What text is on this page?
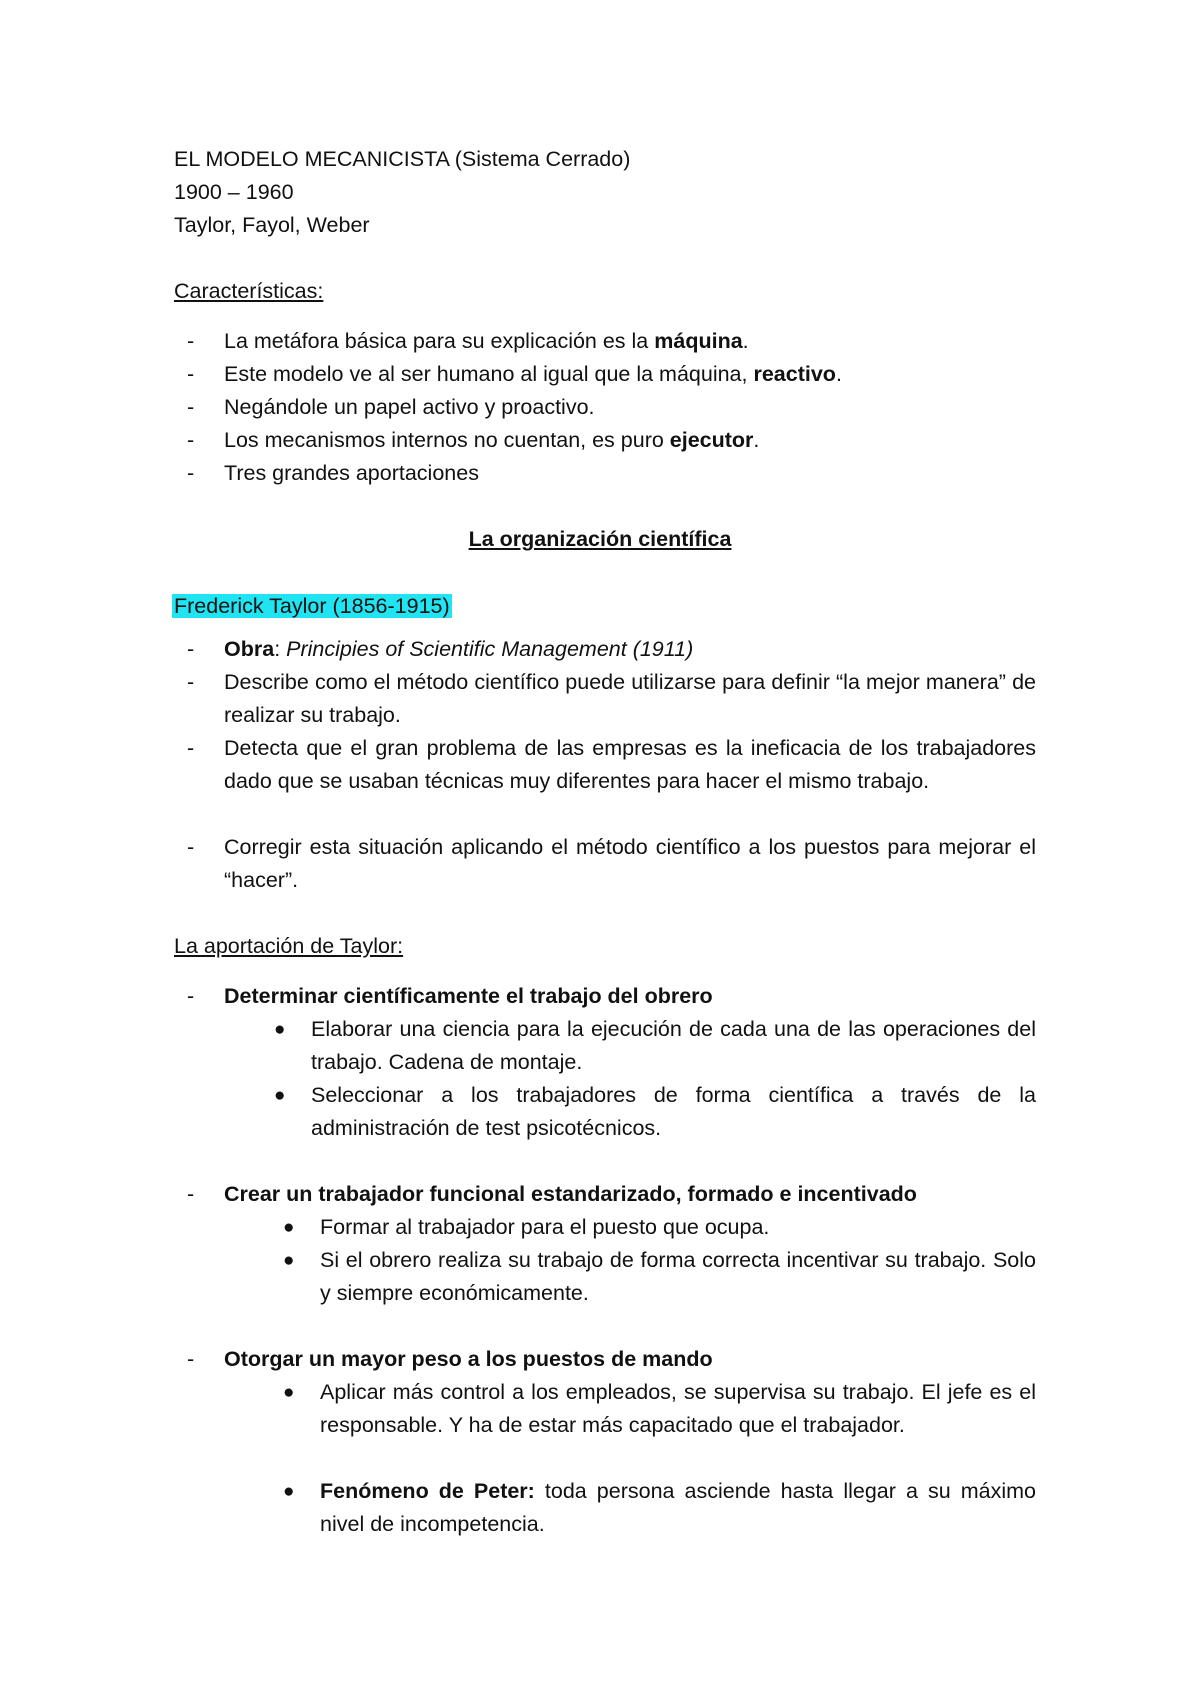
EL MODELO MECANICISTA (Sistema Cerrado)
1900 – 1960
Taylor, Fayol, Weber
Características:
- La metáfora básica para su explicación es la máquina.
- Este modelo ve al ser humano al igual que la máquina, reactivo.
- Negándole un papel activo y proactivo.
- Los mecanismos internos no cuentan, es puro ejecutor.
- Tres grandes aportaciones
La organización científica
Frederick Taylor (1856-1915)
- Obra: Principies of Scientific Management (1911)
- Describe como el método científico puede utilizarse para definir “la mejor manera” de realizar su trabajo.
- Detecta que el gran problema de las empresas es la ineficacia de los trabajadores dado que se usaban técnicas muy diferentes para hacer el mismo trabajo.
- Corregir esta situación aplicando el método científico a los puestos para mejorar el “hacer”.
La aportación de Taylor:
- Determinar científicamente el trabajo del obrero
● Elaborar una ciencia para la ejecución de cada una de las operaciones del trabajo. Cadena de montaje.
● Seleccionar a los trabajadores de forma científica a través de la administración de test psicotécnicos.
- Crear un trabajador funcional estandarizado, formado e incentivado
● Formar al trabajador para el puesto que ocupa.
● Si el obrero realiza su trabajo de forma correcta incentivar su trabajo. Solo y siempre económicamente.
- Otorgar un mayor peso a los puestos de mando
● Aplicar más control a los empleados, se supervisa su trabajo. El jefe es el responsable. Y ha de estar más capacitado que el trabajador.
● Fenómeno de Peter: toda persona asciende hasta llegar a su máximo nivel de incompetencia.
